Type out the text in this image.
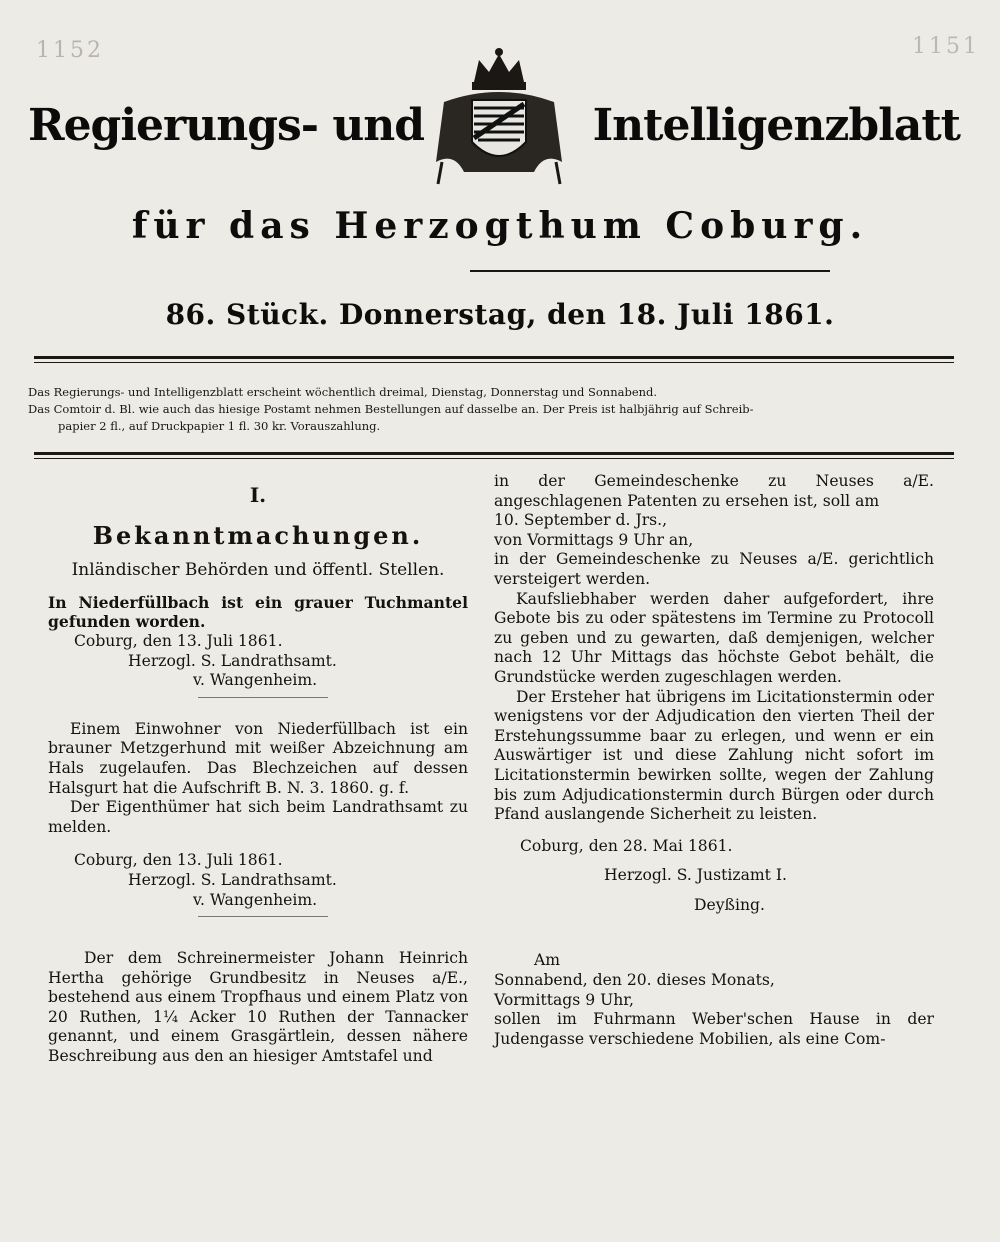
1152	1151
Regierungs- und	Intelligenzblatt
für das Herzogthum Coburg.
86. Stück. Donnerstag, den 18. Juli 1861.
Das Regierungs- und Intelligenzblatt erscheint wöchentlich dreimal, Dienstag, Donnerstag und Sonnabend.
Das Comtoir d. Bl. wie auch das hiesige Postamt nehmen Bestellungen auf dasselbe an. Der Preis ist halbjährig auf Schreib-

papier 2 fl., auf Druckpapier 1 fl. 30 kr. Vorauszahlung.
I.
Bekanntmachungen.
Inländischer Behörden und öffentl. Stellen.

In Niederfüllbach ist ein grauer Tuchmantel gefunden worden.

Coburg, den 13. Juli 1861.

Herzogl. S. Landrathsamt.

v. Wangenheim.

Einem Einwohner von Niederfüllbach ist ein brauner Metzgerhund mit weißer Abzeichnung am Hals zugelaufen. Das Blechzeichen auf dessen Halsgurt hat die Aufschrift B. N. 3. 1860. g. f.

Der Eigenthümer hat sich beim Landrathsamt zu melden.

Coburg, den 13. Juli 1861.

Herzogl. S. Landrathsamt.

v. Wangenheim.

Der dem Schreinermeister Johann Heinrich Hertha gehörige Grundbesitz in Neuses a/E., bestehend aus einem Tropfhaus und einem Platz von 20 Ruthen, 1¼ Acker 10 Ruthen der Tannacker genannt, und einem Grasgärtlein, dessen nähere Beschreibung aus den an hiesiger Amtstafel und

in der Gemeindeschenke zu Neuses a/E. angeschlagenen Patenten zu ersehen ist, soll am

10. September d. Jrs.,

von Vormittags 9 Uhr an,

in der Gemeindeschenke zu Neuses a/E. gerichtlich versteigert werden.

Kaufsliebhaber werden daher aufgefordert, ihre Gebote bis zu oder spätestens im Termine zu Protocoll zu geben und zu gewarten, daß demjenigen, welcher nach 12 Uhr Mittags das höchste Gebot behält, die Grundstücke werden zugeschlagen werden.

Der Ersteher hat übrigens im Licitationstermin oder wenigstens vor der Adjudication den vierten Theil der Erstehungssumme baar zu erlegen, und wenn er ein Auswärtiger ist und diese Zahlung nicht sofort im Licitationstermin bewirken sollte, wegen der Zahlung bis zum Adjudicationstermin durch Bürgen oder durch Pfand auslangende Sicherheit zu leisten.

Coburg, den 28. Mai 1861.

Herzogl. S. Justizamt I.

Deyßing.

Am

Sonnabend, den 20. dieses Monats,

Vormittags 9 Uhr,

sollen im Fuhrmann Weber'schen Hause in der Judengasse verschiedene Mobilien, als eine Com-
